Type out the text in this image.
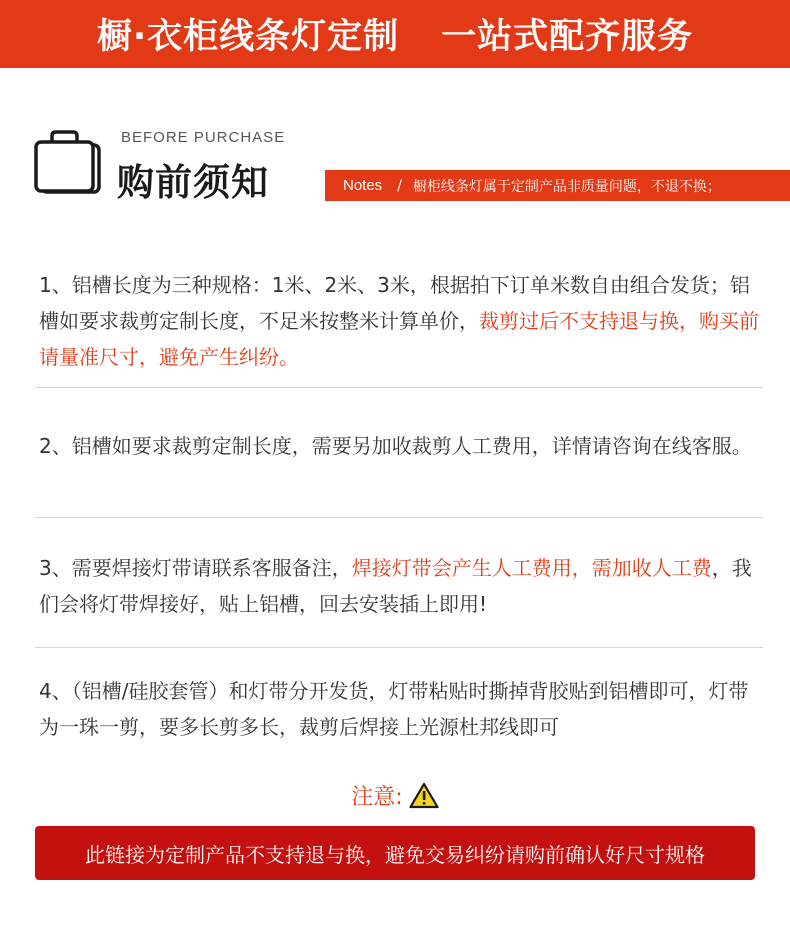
橱·衣柜线条灯定制 一站式配齐服务
BEFORE PURCHASE
购前须知	Notes / 橱柜线条灯属于定制产品非质量问题，不退不换；
1、铝槽长度为三种规格：1米、2米、3米，根据拍下订单米数自由组合发货；铝槽如要求裁剪定制长度，不足米按整米计算单价，裁剪过后不支持退与换，购买前请量准尺寸，避免产生纠纷。
2、铝槽如要求裁剪定制长度，需要另加收裁剪人工费用，详情请咨询在线客服。
3、需要焊接灯带请联系客服备注，焊接灯带会产生人工费用，需加收人工费，我们会将灯带焊接好，贴上铝槽，回去安装插上即用!
4、（铝槽/硅胶套管）和灯带分开发货，灯带粘贴时撕掉背胶贴到铝槽即可，灯带为一珠一剪，要多长剪多长，裁剪后焊接上光源杜邦线即可
注意:
此链接为定制产品不支持退与换，避免交易纠纷请购前确认好尺寸规格
